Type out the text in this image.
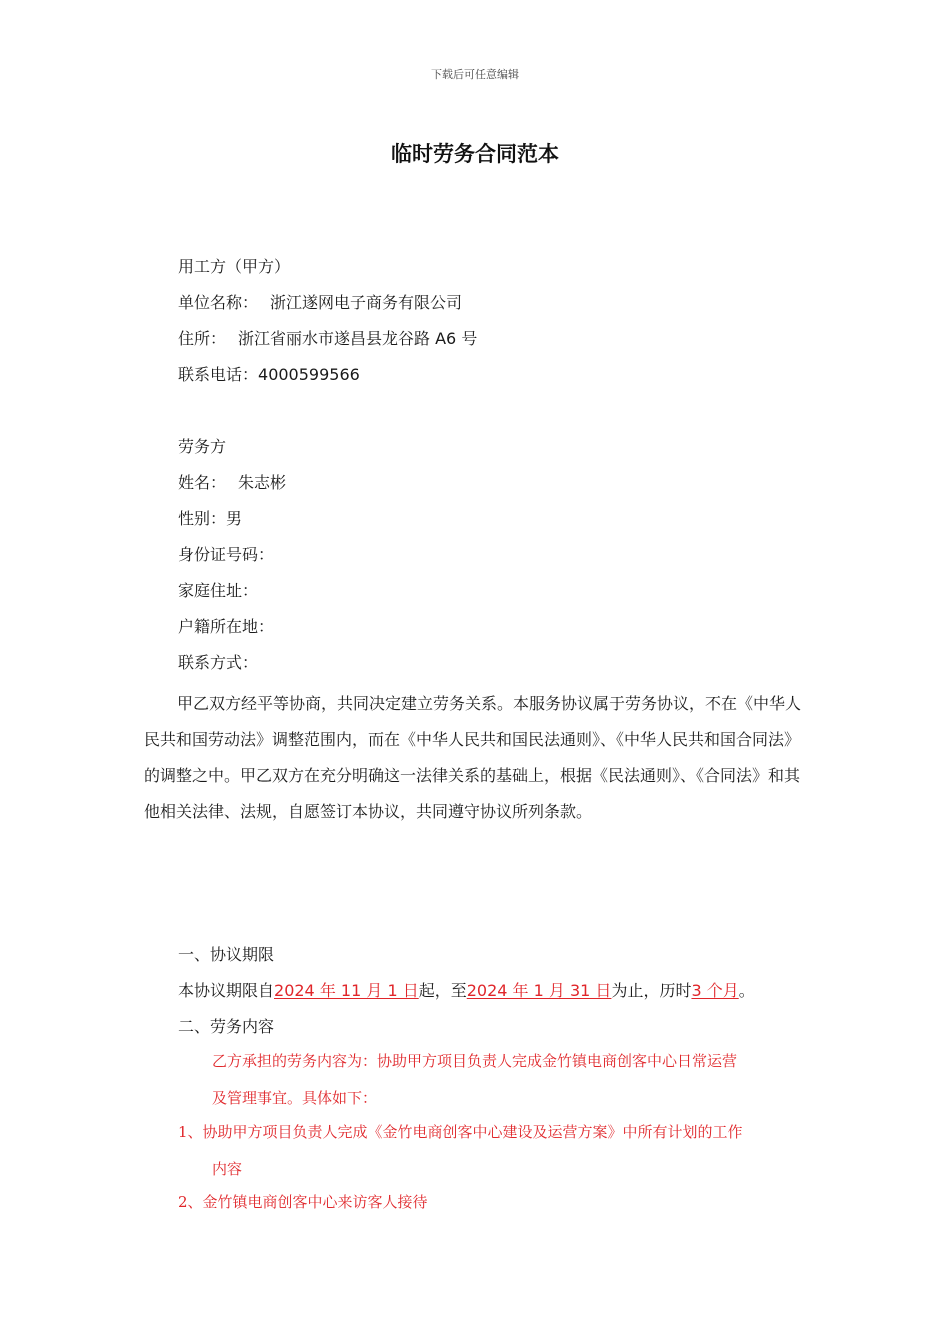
下载后可任意编辑
临时劳务合同范本
用工方（甲方）
单位名称： 浙江遂网电子商务有限公司
住所： 浙江省丽水市遂昌县龙谷路 A6 号
联系电话：4000599566
劳务方
姓名： 朱志彬
性别：男
身份证号码：
家庭住址：
户籍所在地：
联系方式：
甲乙双方经平等协商，共同决定建立劳务关系。本服务协议属于劳务协议，不在《中华人民共和国劳动法》调整范围内，而在《中华人民共和国民法通则》、《中华人民共和国合同法》的调整之中。甲乙双方在充分明确这一法律关系的基础上，根据《民法通则》、《合同法》和其他相关法律、法规，自愿签订本协议，共同遵守协议所列条款。
一、协议期限
本协议期限自2024 年 11 月 1 日起，至2024 年 1 月 31 日为止，历时3 个月。
二、劳务内容
乙方承担的劳务内容为：协助甲方项目负责人完成金竹镇电商创客中心日常运营
及管理事宜。具体如下：
1、协助甲方项目负责人完成《金竹电商创客中心建设及运营方案》中所有计划的工作
内容
2、金竹镇电商创客中心来访客人接待
